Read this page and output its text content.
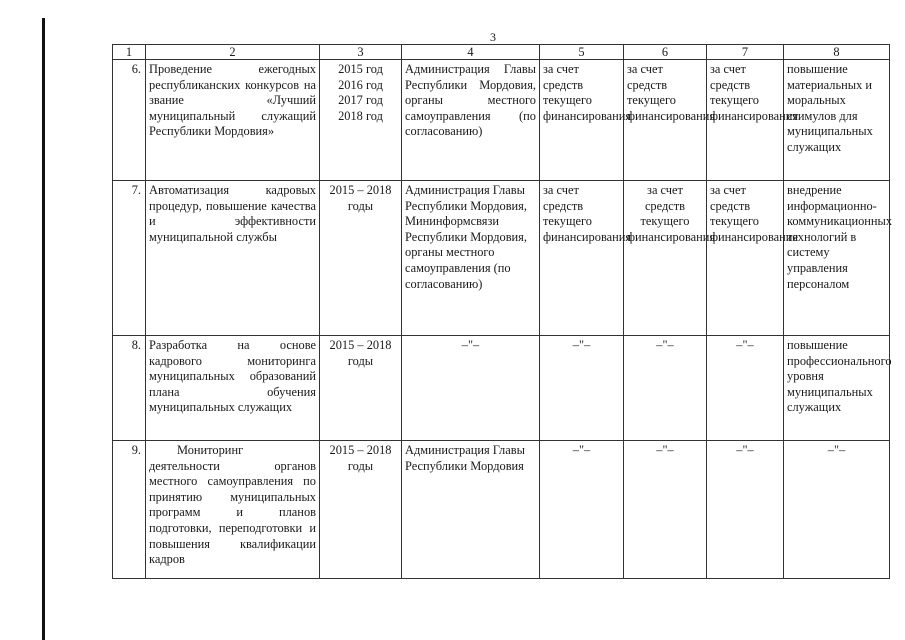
3
1	2	3	4	5	6	7	8
6.	Проведение ежегодных республиканских конкурсов на звание «Лучший муниципальный служащий Республики Мордовия»	2015 год
2016 год
2017 год
2018 год	Администрация Главы Республики Мордовия, органы местного самоуправления (по согласованию)	за счет средств текущего финансирования	за счет средств текущего финансирования	за счет средств текущего финансирования	повышение материальных и моральных стимулов для муниципальных служащих
7.	Автоматизация кадровых процедур, повышение качества и эффективности муниципальной службы	2015 – 2018 годы	Администрация Главы Республики Мордовия, Мининформсвязи Республики Мордовия, органы местного самоуправления (по согласованию)	за счет средств текущего финансирования	за счет средств текущего финансирования	за счет средств текущего финансирования	внедрение информационно-коммуникационных технологий в систему управления персоналом
8.	Разработка на основе кадрового мониторинга муниципальных образований плана обучения муниципальных служащих	2015 – 2018 годы	–"–	–"–	–"–	–"–	повышение профессионального уровня муниципальных служащих
9.	Мониторинг деятельности органов местного самоуправления по принятию муниципальных программ и планов подготовки, переподготовки и повышения квалификации кадров	2015 – 2018 годы	Администрация Главы Республики Мордовия	–"–	–"–	–"–	–"–
